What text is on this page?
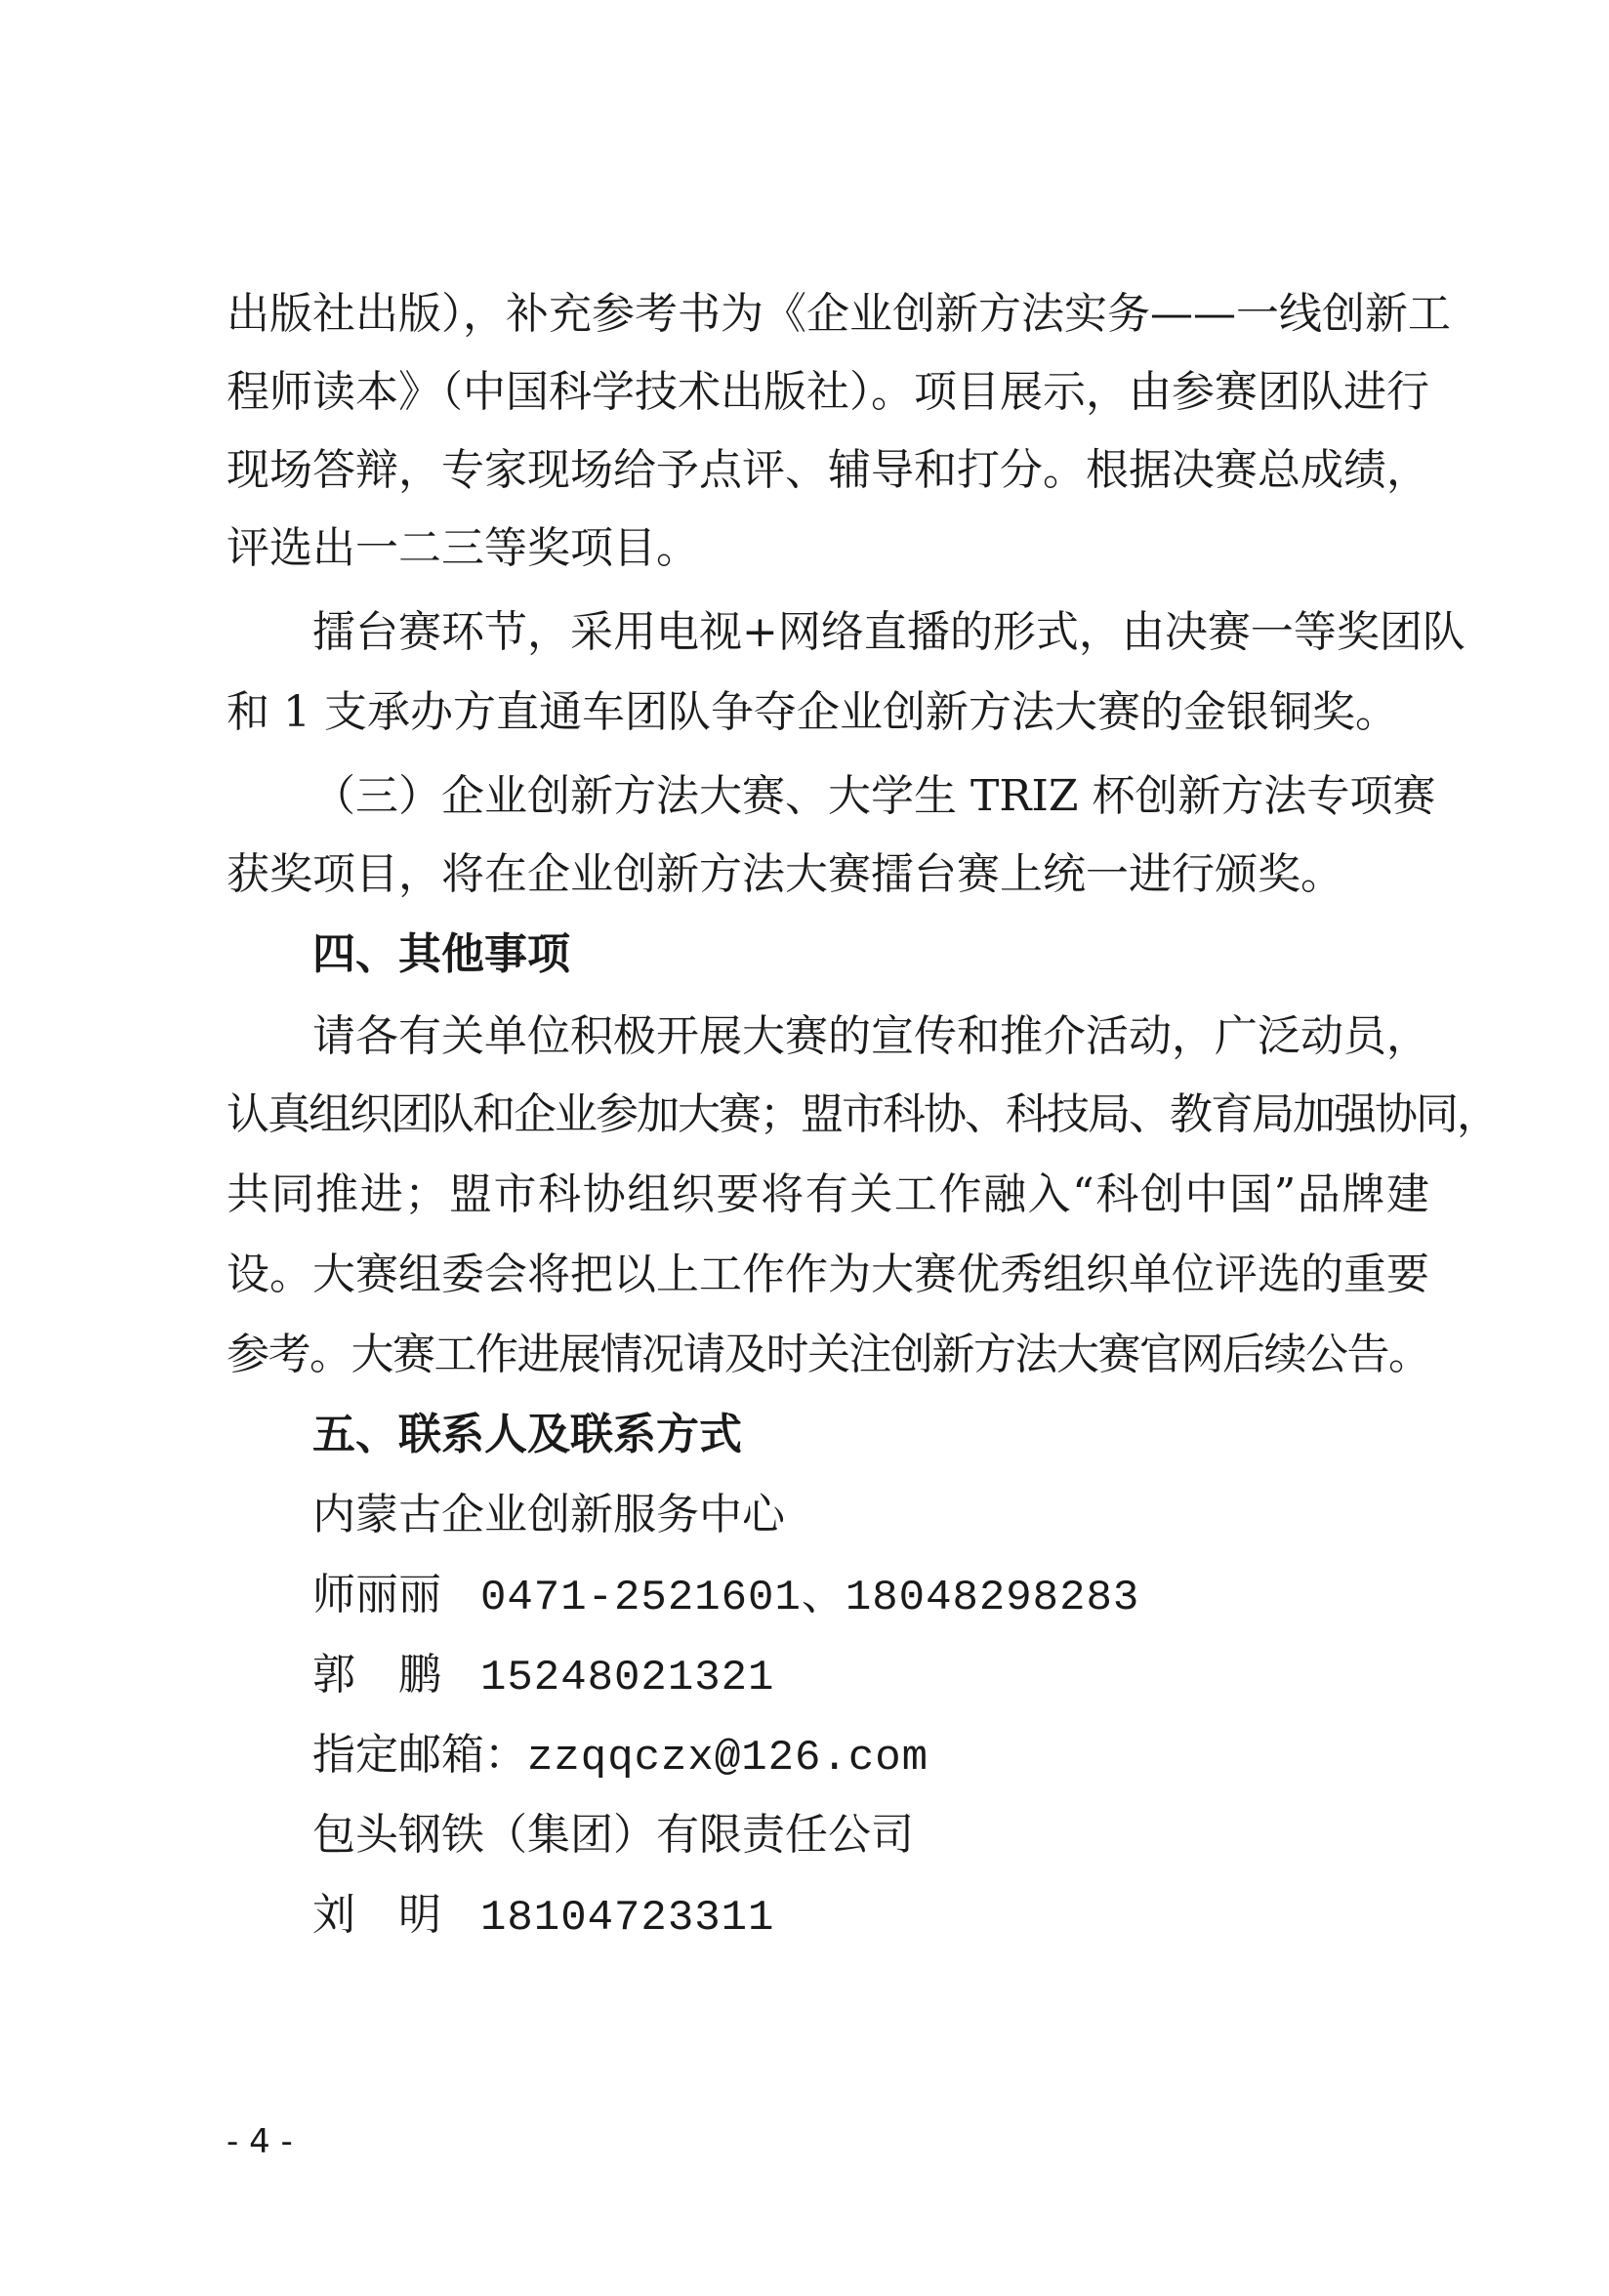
出版社出版），补充参考书为《企业创新方法实务——一线创新工
程师读本》（中国科学技术出版社）。项目展示，由参赛团队进行
现场答辩，专家现场给予点评、辅导和打分。根据决赛总成绩，
评选出一二三等奖项目。
擂台赛环节，采用电视+网络直播的形式，由决赛一等奖团队
和 1 支承办方直通车团队争夺企业创新方法大赛的金银铜奖。
（三）企业创新方法大赛、大学生 TRIZ 杯创新方法专项赛
获奖项目，将在企业创新方法大赛擂台赛上统一进行颁奖。
四、其他事项
请各有关单位积极开展大赛的宣传和推介活动，广泛动员，
认真组织团队和企业参加大赛；盟市科协、科技局、教育局加强协同，
共同推进；盟市科协组织要将有关工作融入“科创中国”品牌建
设。大赛组委会将把以上工作作为大赛优秀组织单位评选的重要
参考。大赛工作进展情况请及时关注创新方法大赛官网后续公告。
五、联系人及联系方式
内蒙古企业创新服务中心
师丽丽 0471-2521601、18048298283
郭　鹏 15248021321
指定邮箱：zzqqczx@126.com
包头钢铁（集团）有限责任公司
刘　明 18104723311
- 4 -
